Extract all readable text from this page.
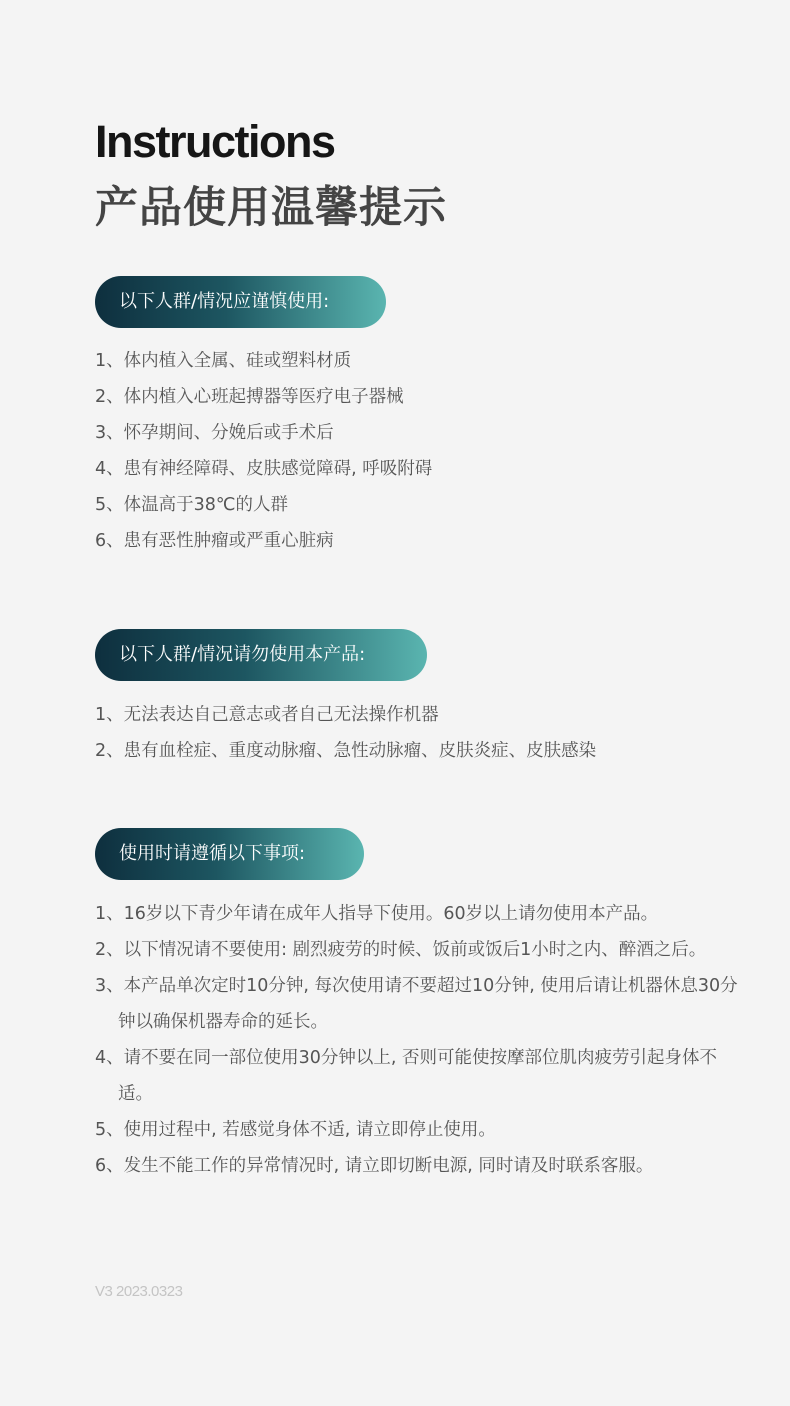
Instructions
产品使用温馨提示
以下人群/情况应谨慎使用:
1、体内植入全属、硅或塑料材质
2、体内植入心班起搏器等医疗电子器械
3、怀孕期间、分娩后或手术后
4、患有神经障碍、皮肤感觉障碍, 呼吸附碍
5、体温高于38℃的人群
6、患有恶性肿瘤或严重心脏病
以下人群/情况请勿使用本产品:
1、无法表达自己意志或者自己无法操作机器
2、患有血栓症、重度动脉瘤、急性动脉瘤、皮肤炎症、皮肤感染
使用时请遵循以下事项:
1、16岁以下青少年请在成年人指导下使用。60岁以上请勿使用本产品。
2、以下情况请不要使用: 剧烈疲劳的时候、饭前或饭后1小时之内、醉酒之后。
3、本产品单次定时10分钟, 每次使用请不要超过10分钟, 使用后请让机器休息30分钟以确保机器寿命的延长。
4、请不要在同一部位使用30分钟以上, 否则可能使按摩部位肌肉疲劳引起身体不适。
5、使用过程中, 若感觉身体不适, 请立即停止使用。
6、发生不能工作的异常情况时, 请立即切断电源, 同时请及时联系客服。
V3 2023.0323
